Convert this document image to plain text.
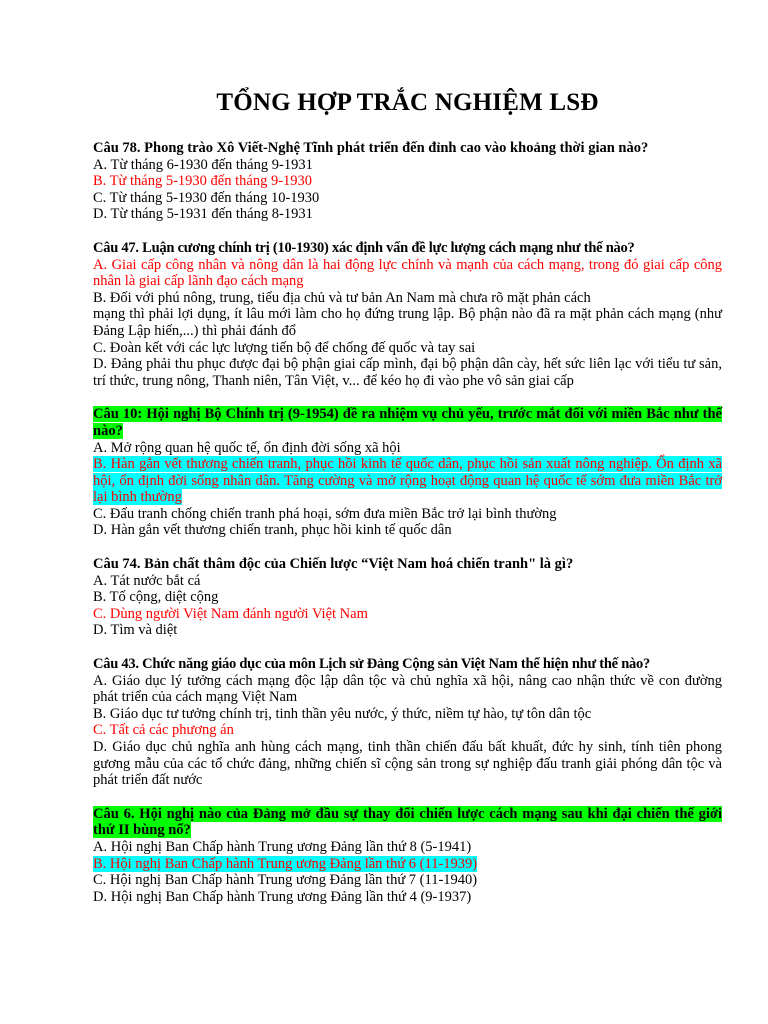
TỔNG HỢP TRẮC NGHIỆM LSĐ
Câu 78. Phong trào Xô Viết-Nghệ Tĩnh phát triển đến đỉnh cao vào khoảng thời gian nào?
A. Từ tháng 6-1930 đến tháng 9-1931
B. Từ tháng 5-1930 đến tháng 9-1930
C. Từ tháng 5-1930 đến tháng 10-1930
D. Từ tháng 5-1931 đến tháng 8-1931
Câu 47. Luận cương chính trị (10-1930) xác định vấn đề lực lượng cách mạng như thế nào?
A. Giai cấp công nhân và nông dân là hai động lực chính và mạnh của cách mạng, trong đó giai cấp công nhân là giai cấp lãnh đạo cách mạng
B. Đối với phú nông, trung, tiểu địa chủ và tư bản An Nam mà chưa rõ mặt phản cách
mạng thì phải lợi dụng, ít lâu mới làm cho họ đứng trung lập. Bộ phận nào đã ra mặt phản cách mạng (như Đảng Lập hiến,...) thì phải đánh đổ
C. Đoàn kết với các lực lượng tiến bộ để chống đế quốc và tay sai
D. Đảng phải thu phục được đại bộ phận giai cấp mình, đại bộ phận dân cày, hết sức liên lạc với tiểu tư sản, trí thức, trung nông, Thanh niên, Tân Việt, v... để kéo họ đi vào phe vô sản giai cấp
Câu 10: Hội nghị Bộ Chính trị (9-1954) đề ra nhiệm vụ chủ yếu, trước mắt đối với miền Bắc như thế nào?
A. Mở rộng quan hệ quốc tế, ổn định đời sống xã hội
B. Hàn gắn vết thương chiến tranh, phục hồi kinh tế quốc dân, phục hồi sản xuất nông nghiệp. Ổn định xã hội, ổn định đời sống nhân dân. Tăng cường và mở rộng hoạt động quan hệ quốc tế sớm đưa miền Bắc trở lại bình thường
C. Đấu tranh chống chiến tranh phá hoại, sớm đưa miền Bắc trở lại bình thường
D. Hàn gắn vết thương chiến tranh, phục hồi kinh tế quốc dân
Câu 74. Bản chất thâm độc của Chiến lược “Việt Nam hoá chiến tranh" là gì?
A. Tát nước bắt cá
B. Tố cộng, diệt cộng
C. Dùng người Việt Nam đánh người Việt Nam
D. Tìm và diệt
Câu 43. Chức năng giáo dục của môn Lịch sử Đảng Cộng sản Việt Nam thể hiện như thế nào?
A. Giáo dục lý tưởng cách mạng độc lập dân tộc và chủ nghĩa xã hội, nâng cao nhận thức về con đường phát triển của cách mạng Việt Nam
B. Giáo dục tư tưởng chính trị, tinh thần yêu nước, ý thức, niềm tự hào, tự tôn dân tộc
C. Tất cả các phương án
D. Giáo dục chủ nghĩa anh hùng cách mạng, tinh thần chiến đấu bất khuất, đức hy sinh, tính tiên phong gương mẫu của các tổ chức đảng, những chiến sĩ cộng sản trong sự nghiệp đấu tranh giải phóng dân tộc và phát triển đất nước
Câu 6. Hội nghị nào của Đảng mở đầu sự thay đổi chiến lược cách mạng sau khi đại chiến thế giới thứ II bùng nổ?
A. Hội nghị Ban Chấp hành Trung ương Đảng lần thứ 8 (5-1941)
B. Hội nghị Ban Chấp hành Trung ương Đảng lần thứ 6 (11-1939)
C. Hội nghị Ban Chấp hành Trung ương Đảng lần thứ 7 (11-1940)
D. Hội nghị Ban Chấp hành Trung ương Đảng lần thứ 4 (9-1937)
